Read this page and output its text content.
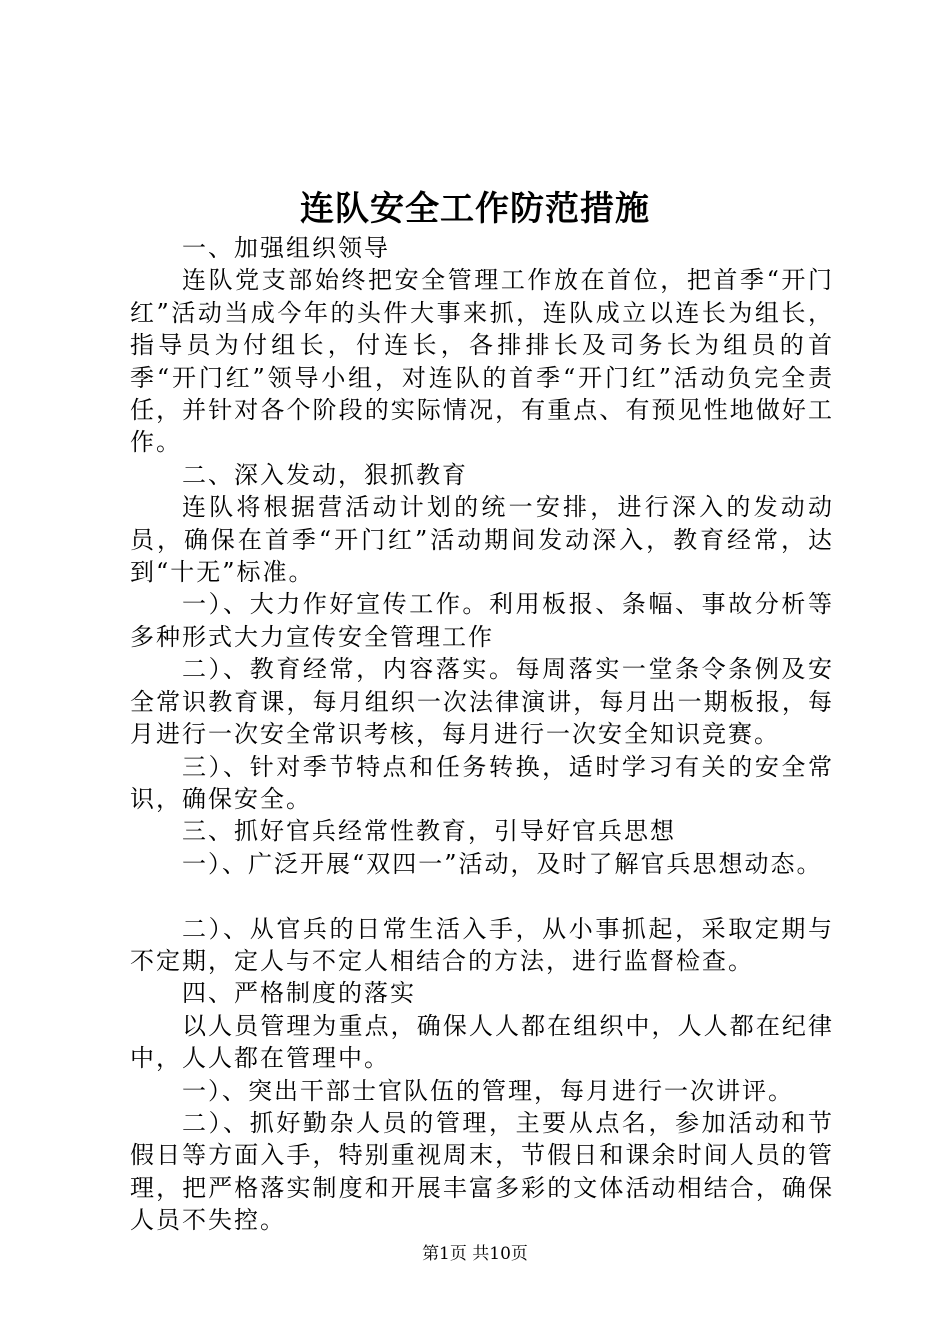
连队安全工作防范措施

一、加强组织领导

连队党支部始终把安全管理工作放在首位，把首季“开门红”活动当成今年的头件大事来抓，连队成立以连长为组长，指导员为付组长，付连长，各排排长及司务长为组员的首季“开门红”领导小组，对连队的首季“开门红”活动负完全责任，并针对各个阶段的实际情况，有重点、有预见性地做好工作。

二、深入发动，狠抓教育

连队将根据营活动计划的统一安排，进行深入的发动动员，确保在首季“开门红”活动期间发动深入，教育经常，达到“十无”标准。

一）、大力作好宣传工作。利用板报、条幅、事故分析等多种形式大力宣传安全管理工作

二）、教育经常，内容落实。每周落实一堂条令条例及安全常识教育课，每月组织一次法律演讲，每月出一期板报，每月进行一次安全常识考核，每月进行一次安全知识竞赛。

三）、针对季节特点和任务转换，适时学习有关的安全常识，确保安全。

三、抓好官兵经常性教育，引导好官兵思想

一）、广泛开展“双四一”活动，及时了解官兵思想动态。

二）、从官兵的日常生活入手，从小事抓起，采取定期与不定期，定人与不定人相结合的方法，进行监督检查。

四、严格制度的落实

以人员管理为重点，确保人人都在组织中，人人都在纪律中，人人都在管理中。

一）、突出干部士官队伍的管理，每月进行一次讲评。

二）、抓好勤杂人员的管理，主要从点名，参加活动和节假日等方面入手，特别重视周末，节假日和课余时间人员的管理，把严格落实制度和开展丰富多彩的文体活动相结合，确保人员不失控。

第1页 共10页
